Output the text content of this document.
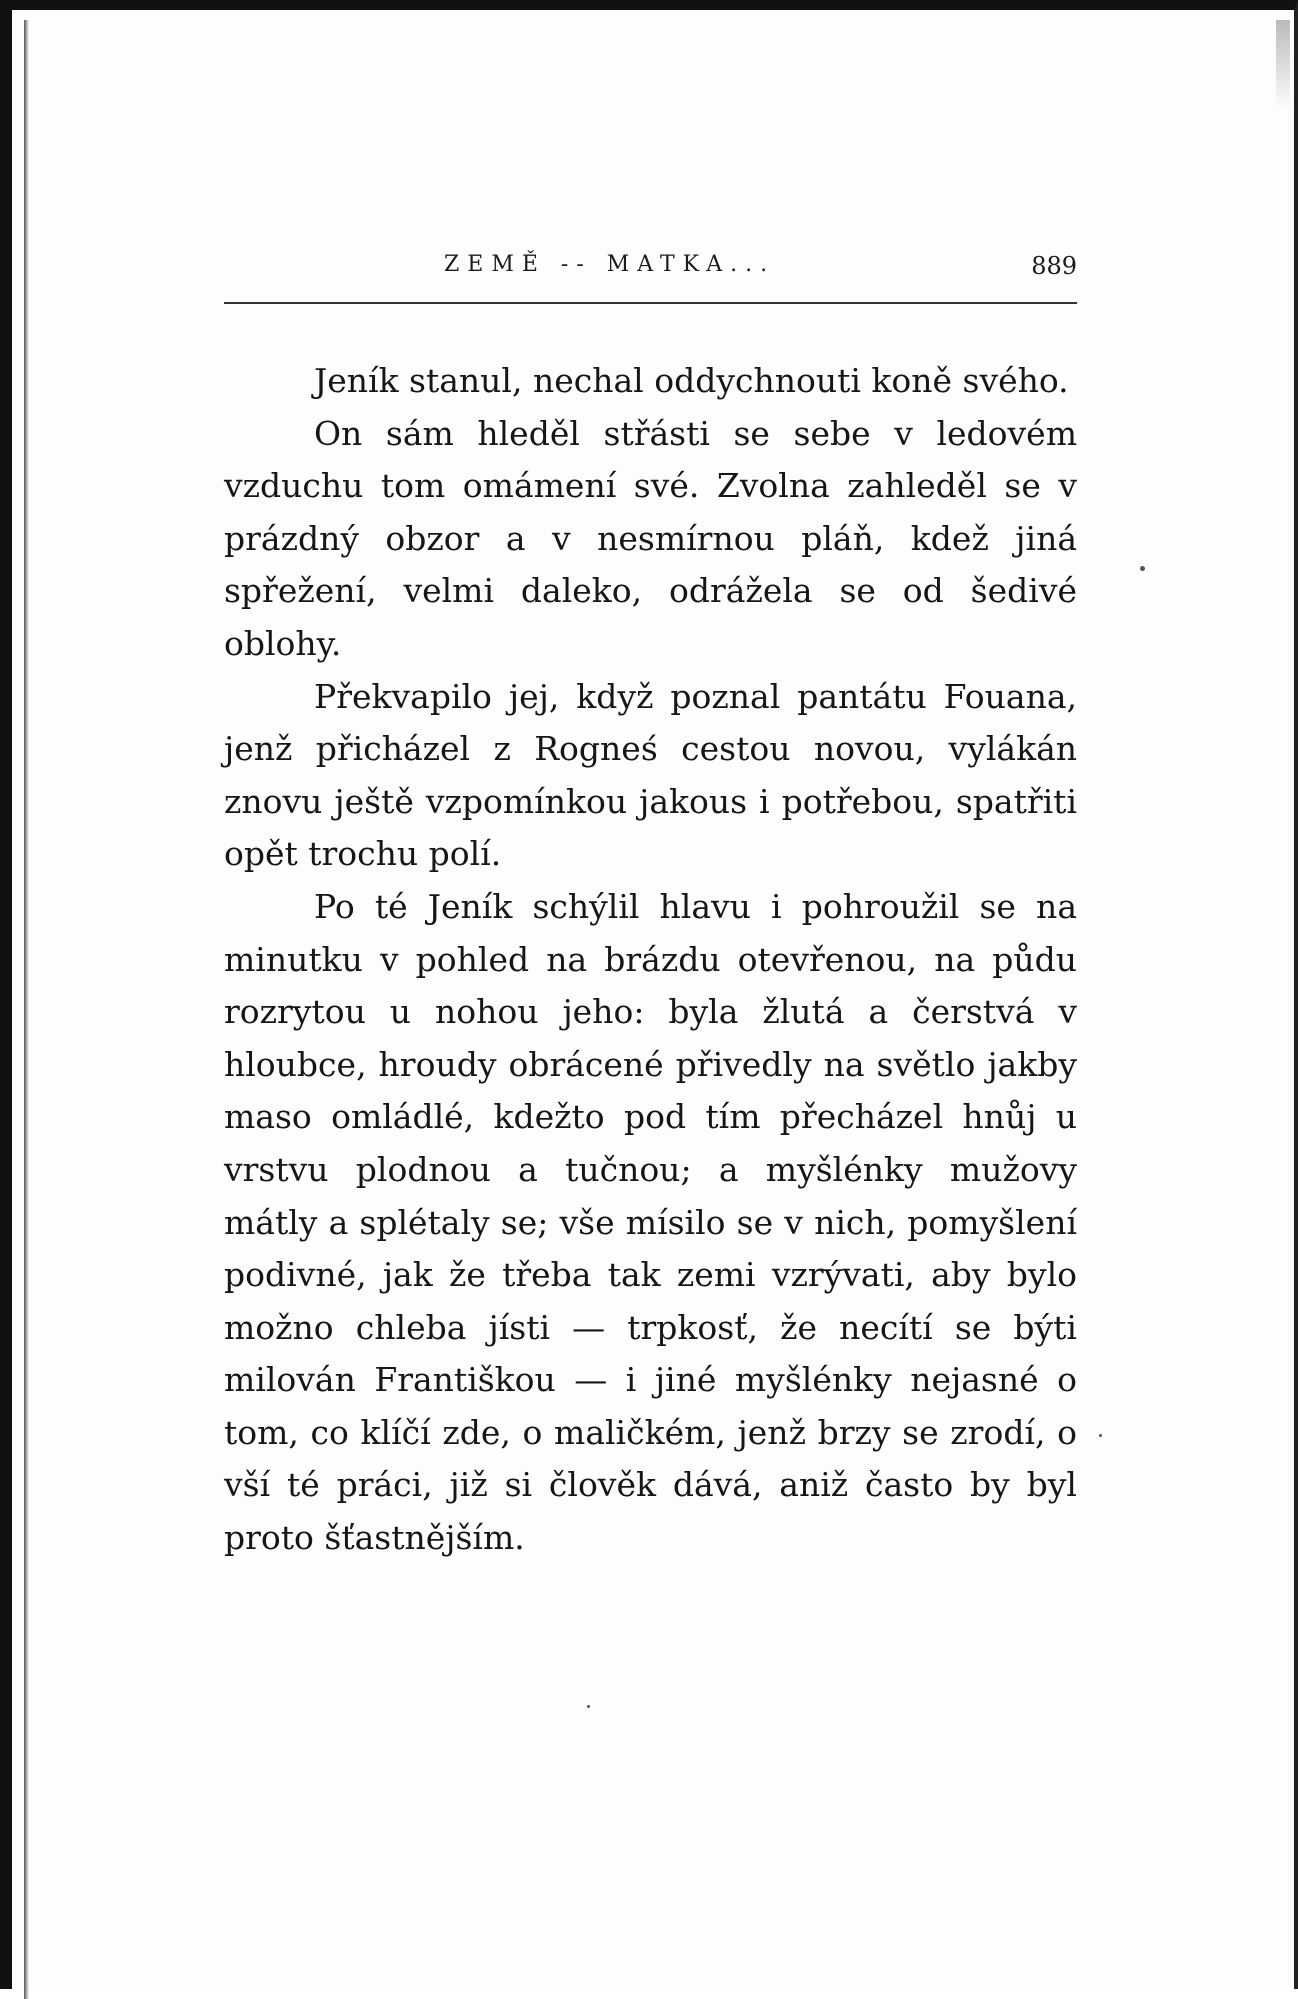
ZEMĚ -- MATKA...	889

Jeník stanul, nechal oddychnouti koně svého.

On sám hleděl střásti se sebe v ledovém vzduchu tom omámení své. Zvolna zahleděl se v prázdný obzor a v nesmírnou pláň, kdež jiná spřežení, velmi daleko, odrážela se od šedivé oblohy.

Překvapilo jej, když poznal pantátu Fouana, jenž přicházel z Rogneś cestou novou, vylákán znovu ještě vzpomínkou jakous i potřebou, spatřiti opět trochu polí.

Po té Jeník schýlil hlavu i pohroužil se na minutku v pohled na brázdu otevřenou, na půdu rozrytou u nohou jeho: byla žlutá a čerstvá v hloubce, hroudy obrácené přivedly na světlo jakby maso omládlé, kdežto pod tím přecházel hnůj u vrstvu plodnou a tučnou; a myšlénky mužovy mátly a splétaly se; vše mísilo se v nich, pomyšlení podivné, jak že třeba tak zemi vzrývati, aby bylo možno chleba jísti — trpkosť, že necítí se býti milován Františkou — i jiné myšlénky nejasné o tom, co klíčí zde, o maličkém, jenž brzy se zrodí, o vší té práci, již si člověk dává, aniž často by byl proto šťastnějším.
